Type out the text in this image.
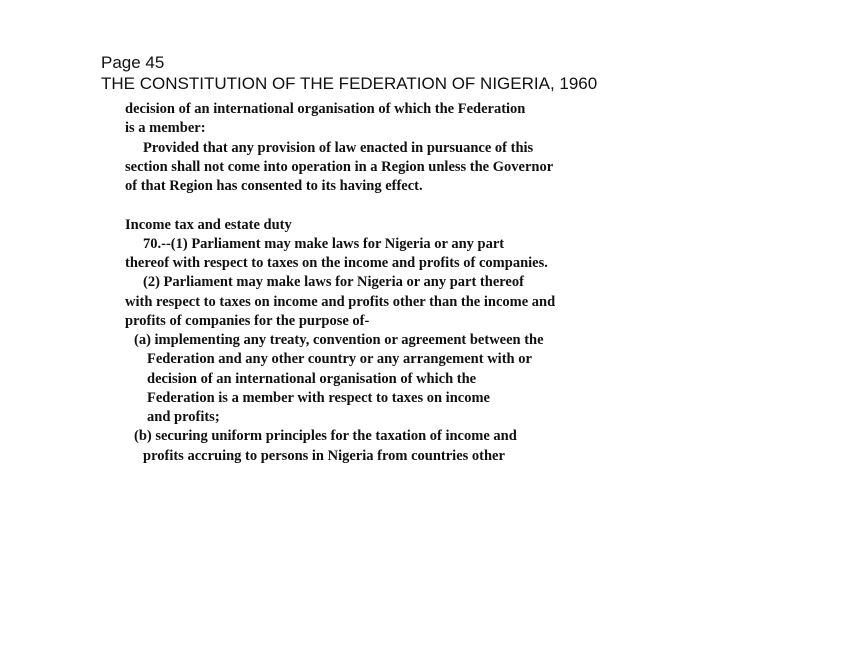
Page 45
THE CONSTITUTION OF THE FEDERATION OF NIGERIA, 1960
decision of an international organisation of which the Federation
is a member:
Provided that any provision of law enacted in pursuance of this
section shall not come into operation in a Region unless the Governor
of that Region has consented to its having effect.
Income tax and estate duty
70.--(1) Parliament may make laws for Nigeria or any part
thereof with respect to taxes on the income and profits of companies.
(2) Parliament may make laws for Nigeria or any part thereof
with respect to taxes on income and profits other than the income and
profits of companies for the purpose of-
(a) implementing any treaty, convention or agreement between the
Federation and any other country or any arrangement with or
decision of an international organisation of which the
Federation is a member with respect to taxes on income
and profits;
(b) securing uniform principles for the taxation of income and
profits accruing to persons in Nigeria from countries other
